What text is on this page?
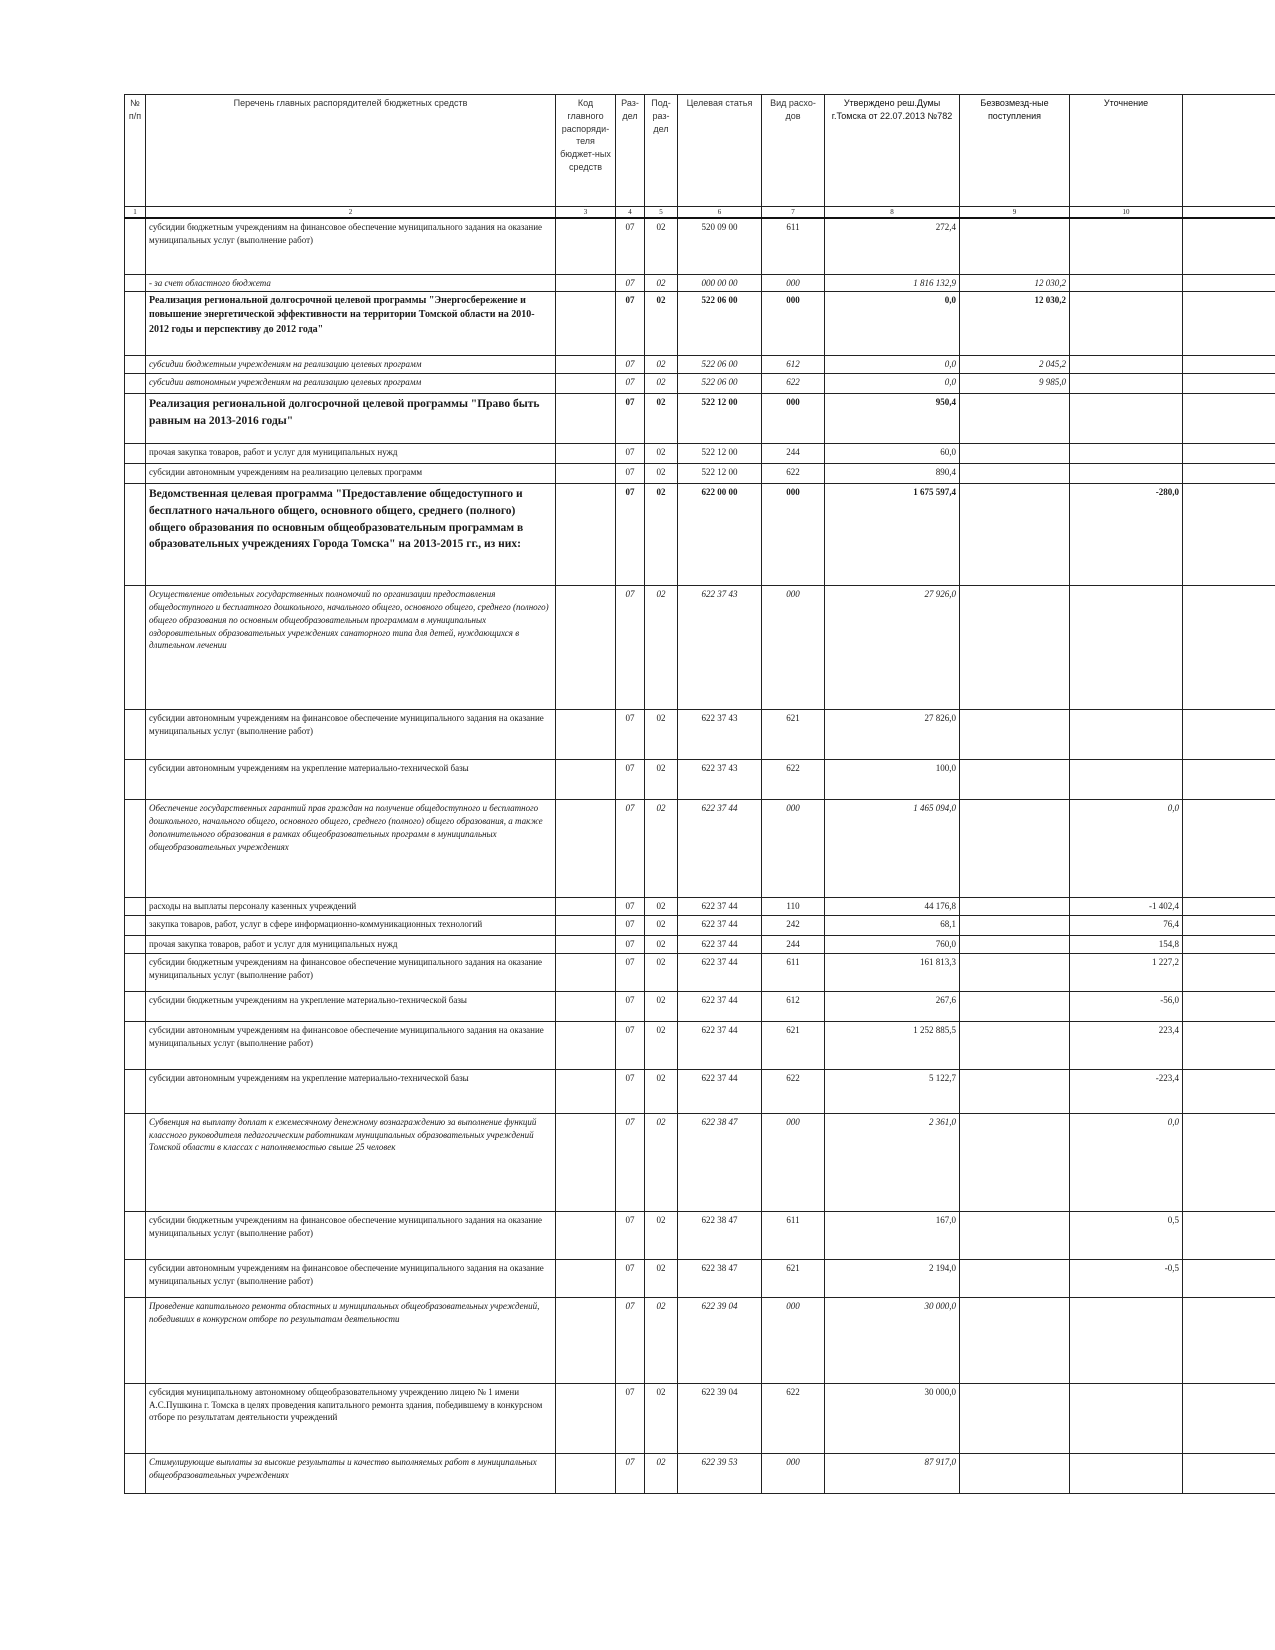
№ п/п	Перечень главных распорядителей бюджетных средств	Код главного распоряди-теля бюджет-ных средств	Раз-дел	Под-раз-дел	Целевая статья	Вид расхо-дов	Утверждено реш.Думы г.Томска от 22.07.2013 №782	Безвозмезд-ные поступления	Уточнение	
1	2	3	4	5	6	7	8	9	10	
	субсидии бюджетным учреждениям на финансовое обеспечение муниципального задания на оказание муниципальных услуг (выполнение работ)		07	02	520 09 00	611	272,4			
	- за счет областного бюджета		07	02	000 00 00	000	1 816 132,9	12 030,2		
	Реализация региональной долгосрочной целевой программы "Энергосбережение и повышение энергетической эффективности на территории Томской области на 2010-2012 годы и перспективу до 2012 года"		07	02	522 06 00	000	0,0	12 030,2		
	субсидии бюджетным учреждениям на реализацию целевых программ		07	02	522 06 00	612	0,0	2 045,2		
	субсидии автономным учреждениям на реализацию целевых программ		07	02	522 06 00	622	0,0	9 985,0		
	Реализация региональной долгосрочной целевой программы "Право быть равным на 2013-2016 годы"		07	02	522 12 00	000	950,4			
	прочая закупка товаров, работ и услуг для муниципальных нужд		07	02	522 12 00	244	60,0			
	субсидии автономным учреждениям на реализацию целевых программ		07	02	522 12 00	622	890,4			
	Ведомственная целевая программа "Предоставление общедоступного и бесплатного начального общего, основного общего, среднего (полного) общего образования по основным общеобразовательным программам в образовательных учреждениях Города Томска" на 2013-2015 гг., из них:		07	02	622 00 00	000	1 675 597,4		-280,0	
	Осуществление отдельных государственных полномочий по организации предоставления общедоступного и бесплатного дошкольного, начального общего, основного общего, среднего (полного) общего образования по основным общеобразовательным программам в муниципальных оздоровительных образовательных учреждениях санаторного типа для детей, нуждающихся в длительном лечении		07	02	622 37 43	000	27 926,0			
	субсидии автономным учреждениям на финансовое обеспечение муниципального задания на оказание муниципальных услуг (выполнение работ)		07	02	622 37 43	621	27 826,0			
	субсидии автономным учреждениям на укрепление материально-технической базы		07	02	622 37 43	622	100,0			
	Обеспечение государственных гарантий прав граждан на получение общедоступного и бесплатного дошкольного, начального общего, основного общего, среднего (полного) общего образования, а также дополнительного образования в рамках общеобразовательных программ в муниципальных общеобразовательных учреждениях		07	02	622 37 44	000	1 465 094,0		0,0	
	расходы на выплаты персоналу казенных учреждений		07	02	622 37 44	110	44 176,8		-1 402,4	
	закупка товаров, работ, услуг в сфере информационно-коммуникационных технологий		07	02	622 37 44	242	68,1		76,4	
	прочая закупка товаров, работ и услуг для муниципальных нужд		07	02	622 37 44	244	760,0		154,8	
	субсидии бюджетным учреждениям на финансовое обеспечение муниципального задания на оказание муниципальных услуг (выполнение работ)		07	02	622 37 44	611	161 813,3		1 227,2	
	субсидии бюджетным учреждениям на укрепление материально-технической базы		07	02	622 37 44	612	267,6		-56,0	
	субсидии автономным учреждениям на финансовое обеспечение муниципального задания на оказание муниципальных услуг (выполнение работ)		07	02	622 37 44	621	1 252 885,5		223,4	
	субсидии автономным учреждениям на укрепление материально-технической базы		07	02	622 37 44	622	5 122,7		-223,4	
	Субвенция на выплату доплат к ежемесячному денежному вознаграждению за выполнение функций классного руководителя педагогическим работникам муниципальных образовательных учреждений Томской области в классах с наполняемостью свыше 25 человек		07	02	622 38 47	000	2 361,0		0,0	
	субсидии бюджетным учреждениям на финансовое обеспечение муниципального задания на оказание муниципальных услуг (выполнение работ)		07	02	622 38 47	611	167,0		0,5	
	субсидии автономным учреждениям на финансовое обеспечение муниципального задания на оказание муниципальных услуг (выполнение работ)		07	02	622 38 47	621	2 194,0		-0,5	
	Проведение капитального ремонта областных и муниципальных общеобразовательных учреждений, победивших в конкурсном отборе по результатам деятельности		07	02	622 39 04	000	30 000,0			
	субсидия муниципальному автономному общеобразовательному учреждению лицею № 1 имени А.С.Пушкина г. Томска в целях проведения капитального ремонта здания, победившему в конкурсном отборе по результатам деятельности учреждений		07	02	622 39 04	622	30 000,0			
	Стимулирующие выплаты за высокие результаты и качество выполняемых работ в муниципальных общеобразовательных учреждениях		07	02	622 39 53	000	87 917,0			
